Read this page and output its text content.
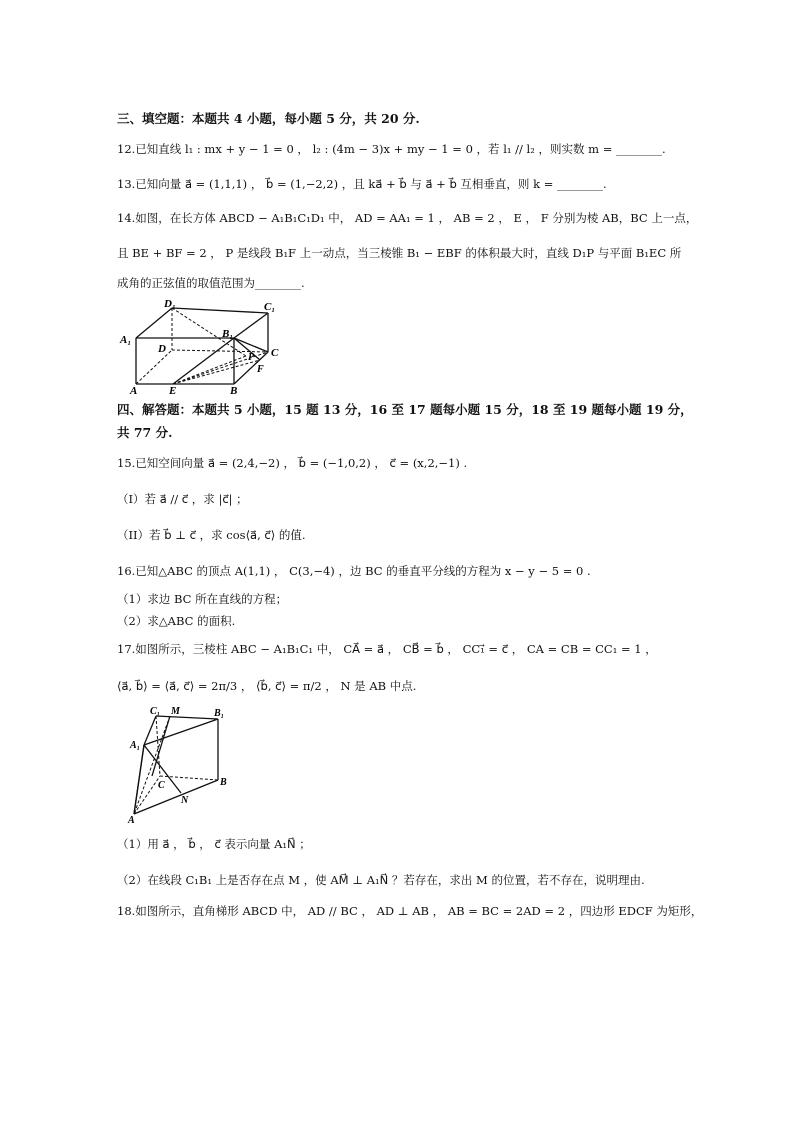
三、填空题：本题共 4 小题，每小题 5 分，共 20 分.
12.已知直线 l₁ : mx + y − 1 = 0 ， l₂ : (4m − 3)x + my − 1 = 0 ，若 l₁ // l₂ ，则实数 m = ________.
13.已知向量 a⃗ = (1,1,1) ， b⃗ = (1,−2,2) ，且 ka⃗ + b⃗ 与 a⃗ + b⃗ 互相垂直，则 k = ________.
14.如图，在长方体 ABCD − A₁B₁C₁D₁ 中， AD = AA₁ = 1 ， AB = 2 ， E ， F 分别为棱 AB，BC 上一点，
且 BE + BF = 2 ， P 是线段 B₁F 上一动点，当三棱锥 B₁ − EBF 的体积最大时，直线 D₁P 与平面 B₁EC 所
成角的正弦值的取值范围为________.
D₁	C₁
A₁	B₁
D
P C
F
A	E	B
四、解答题：本题共 5 小题，15 题 13 分，16 至 17 题每小题 15 分，18 至 19 题每小题 19 分，
共 77 分.
15.已知空间向量 a⃗ = (2,4,−2) ， b⃗ = (−1,0,2) ， c⃗ = (x,2,−1) .
（I）若 a⃗ // c⃗ ，求 |c⃗| ；
（II）若 b⃗ ⊥ c⃗ ，求 cos⟨a⃗, c⃗⟩ 的值.
16.已知△ABC 的顶点 A(1,1) ， C(3,−4) ，边 BC 的垂直平分线的方程为 x − y − 5 = 0 .
（1）求边 BC 所在直线的方程；
（2）求△ABC 的面积.
17.如图所示，三棱柱 ABC − A₁B₁C₁ 中， CA⃗ = a⃗ ， CB⃗ = b⃗ ， CC₁⃗ = c⃗ ， CA = CB = CC₁ = 1 ，
⟨a⃗, b⃗⟩ = ⟨a⃗, c⃗⟩ = 2π/3 ， ⟨b⃗, c⃗⟩ = π/2 ， N 是 AB 中点.
C₁ M	B₁
A₁
C	B
N
A
（1）用 a⃗ ， b⃗ ， c⃗ 表示向量 A₁N⃗ ；
（2）在线段 C₁B₁ 上是否存在点 M ，使 AM⃗ ⊥ A₁N⃗ ？若存在，求出 M 的位置，若不存在，说明理由.
18.如图所示，直角梯形 ABCD 中， AD // BC ， AD ⊥ AB ， AB = BC = 2AD = 2 ，四边形 EDCF 为矩形，
